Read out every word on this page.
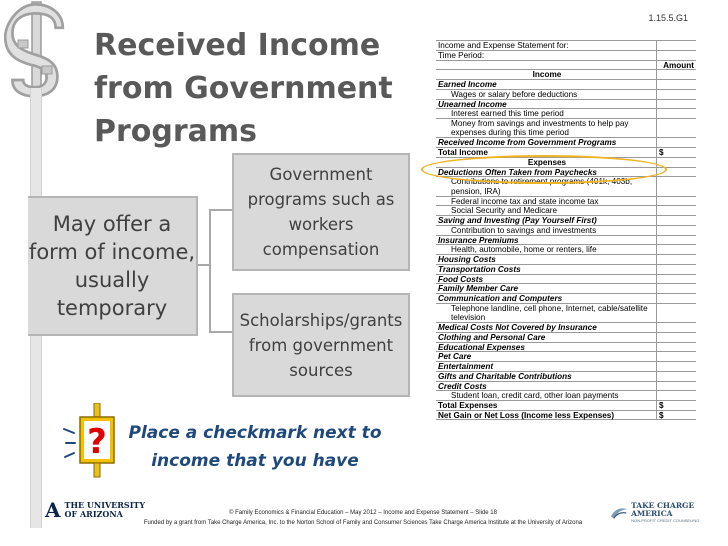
1.15.5.G1
Received Income
from Government
Programs
May offer a form of income, usually temporary
Government programs such as workers compensation
Scholarships/grants from government sources
?	Place a checkmark next to
income that you have
Income and Expense Statement for:
Time Period:
Amount
Income
Earned Income
Wages or salary before deductions
Unearned Income
Interest earned this time period
Money from savings and investments to help pay expenses during this time period
Received Income from Government Programs
Total Income	$
Expenses
Deductions Often Taken from Paychecks
Contributions to retirement programs (401k, 403b, pension, IRA)
Federal income tax and state income tax
Social Security and Medicare
Saving and Investing (Pay Yourself First)
Contribution to savings and investments
Insurance Premiums
Health, automobile, home or renters, life
Housing Costs
Transportation Costs
Food Costs
Family Member Care
Communication and Computers
Telephone landline, cell phone, Internet, cable/satellite television
Medical Costs Not Covered by Insurance
Clothing and Personal Care
Educational Expenses
Pet Care
Entertainment
Gifts and Charitable Contributions
Credit Costs
Student loan, credit card, other loan payments
Total Expenses	$
Net Gain or Net Loss (Income less Expenses)	$
A THE UNIVERSITY
OF ARIZONA	© Family Economics & Financial Education – May 2012 – Income and Expense Statement – Slide 18
Funded by a grant from Take Charge America, Inc. to the Norton School of Family and Consumer Sciences Take Charge America Institute at the University of Arizona
TAKE CHARGE AMERICA
NON-PROFIT CREDIT COUNSELING
